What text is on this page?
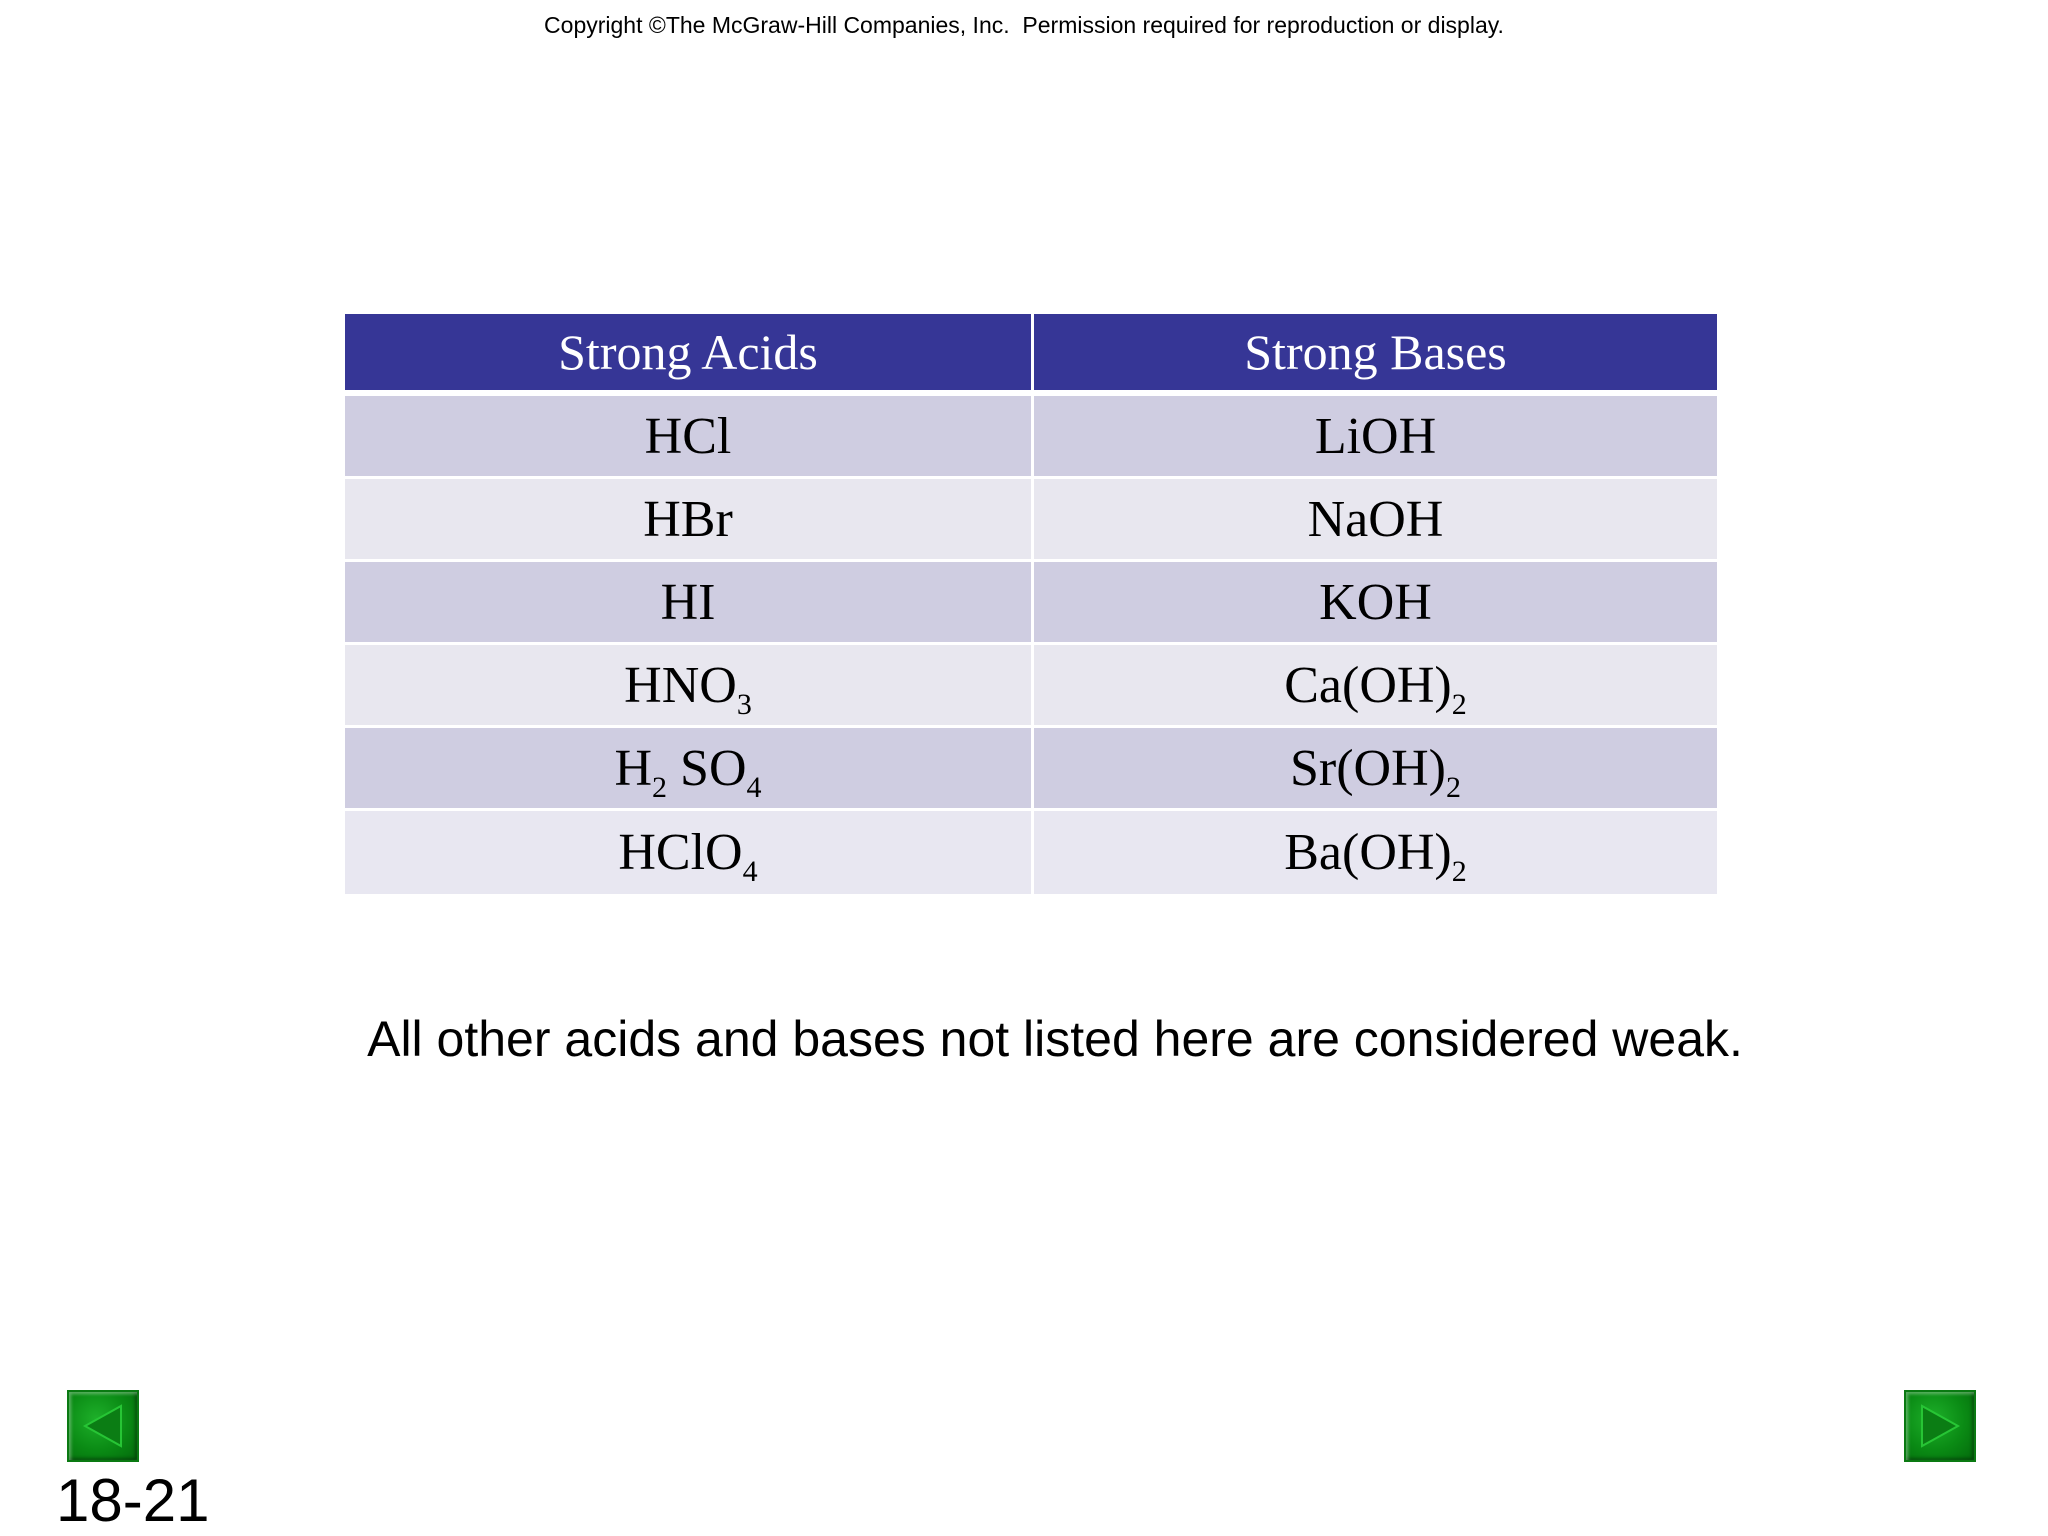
Copyright ©The McGraw-Hill Companies, Inc.  Permission required for reproduction or display.
Strong Acids	Strong Bases
HCl	LiOH
HBr	NaOH
HI	KOH
$HNO_3$	$Ca(OH)_2$
$H_2$ $SO_4$	$Sr(OH)_2$
HClO$_4$	$Ba(OH)_2$
All other acids and bases not listed here are considered weak.
18-21
